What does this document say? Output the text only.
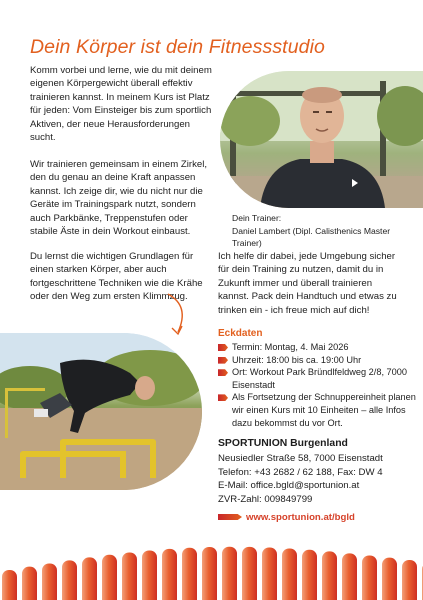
Dein Körper ist dein Fitnessstudio
Komm vorbei und lerne, wie du mit deinem eigenen Körpergewicht überall effektiv trainieren kannst. In meinem Kurs ist Platz für jeden: Vom Einsteiger bis zum sportlich Aktiven, der neue Herausforderungen sucht.
Wir trainieren gemeinsam in einem Zirkel, den du genau an deine Kraft anpassen kannst. Ich zeige dir, wie du nicht nur die Geräte im Trainingspark nutzt, sondern auch Parkbänke, Treppenstufen oder stabile Äste in dein Workout einbaust.
Du lernst die wichtigen Grundlagen für einen starken Körper, aber auch fortgeschrittene Techniken wie die Krähe oder den Weg zum ersten Klimmzug.
Ich helfe dir dabei, jede Umgebung sicher für dein Training zu nutzen, damit du in Zukunft immer und überall trainieren kannst. Pack dein Handtuch und etwas zu trinken ein - ich freue mich auf dich!
Dein Trainer:
Daniel Lambert (Dipl. Calisthenics Master Trainer)
Eckdaten
Termin: Montag, 4. Mai 2026
Uhrzeit: 18:00 bis ca. 19:00 Uhr
Ort: Workout Park Bründlfeldweg 2/8, 7000 Eisenstadt
Als Fortsetzung der Schnuppereinheit planen wir einen Kurs mit 10 Einheiten – alle Infos dazu bekommst du vor Ort.
SPORTUNION Burgenland
Neusiedler Straße 58, 7000 Eisenstadt
Telefon: +43 2682 / 62 188, Fax: DW 4
E-Mail: office.bgld@sportunion.at
ZVR-Zahl: 009849799
www.sportunion.at/bgld
